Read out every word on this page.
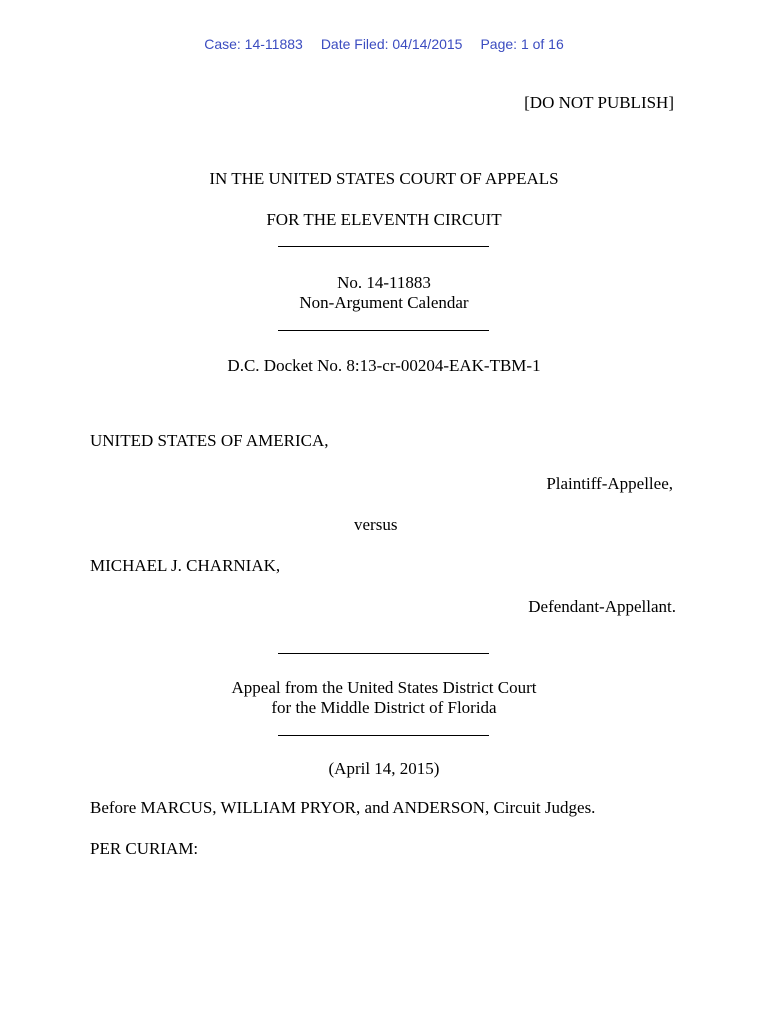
Case: 14-11883 Date Filed: 04/14/2015 Page: 1 of 16
[DO NOT PUBLISH]
IN THE UNITED STATES COURT OF APPEALS
FOR THE ELEVENTH CIRCUIT
No. 14-11883
Non-Argument Calendar
D.C. Docket No. 8:13-cr-00204-EAK-TBM-1
UNITED STATES OF AMERICA,
Plaintiff-Appellee,
versus
MICHAEL J. CHARNIAK,
Defendant-Appellant.
Appeal from the United States District Court
for the Middle District of Florida
(April 14, 2015)
Before MARCUS, WILLIAM PRYOR, and ANDERSON, Circuit Judges.
PER CURIAM:
